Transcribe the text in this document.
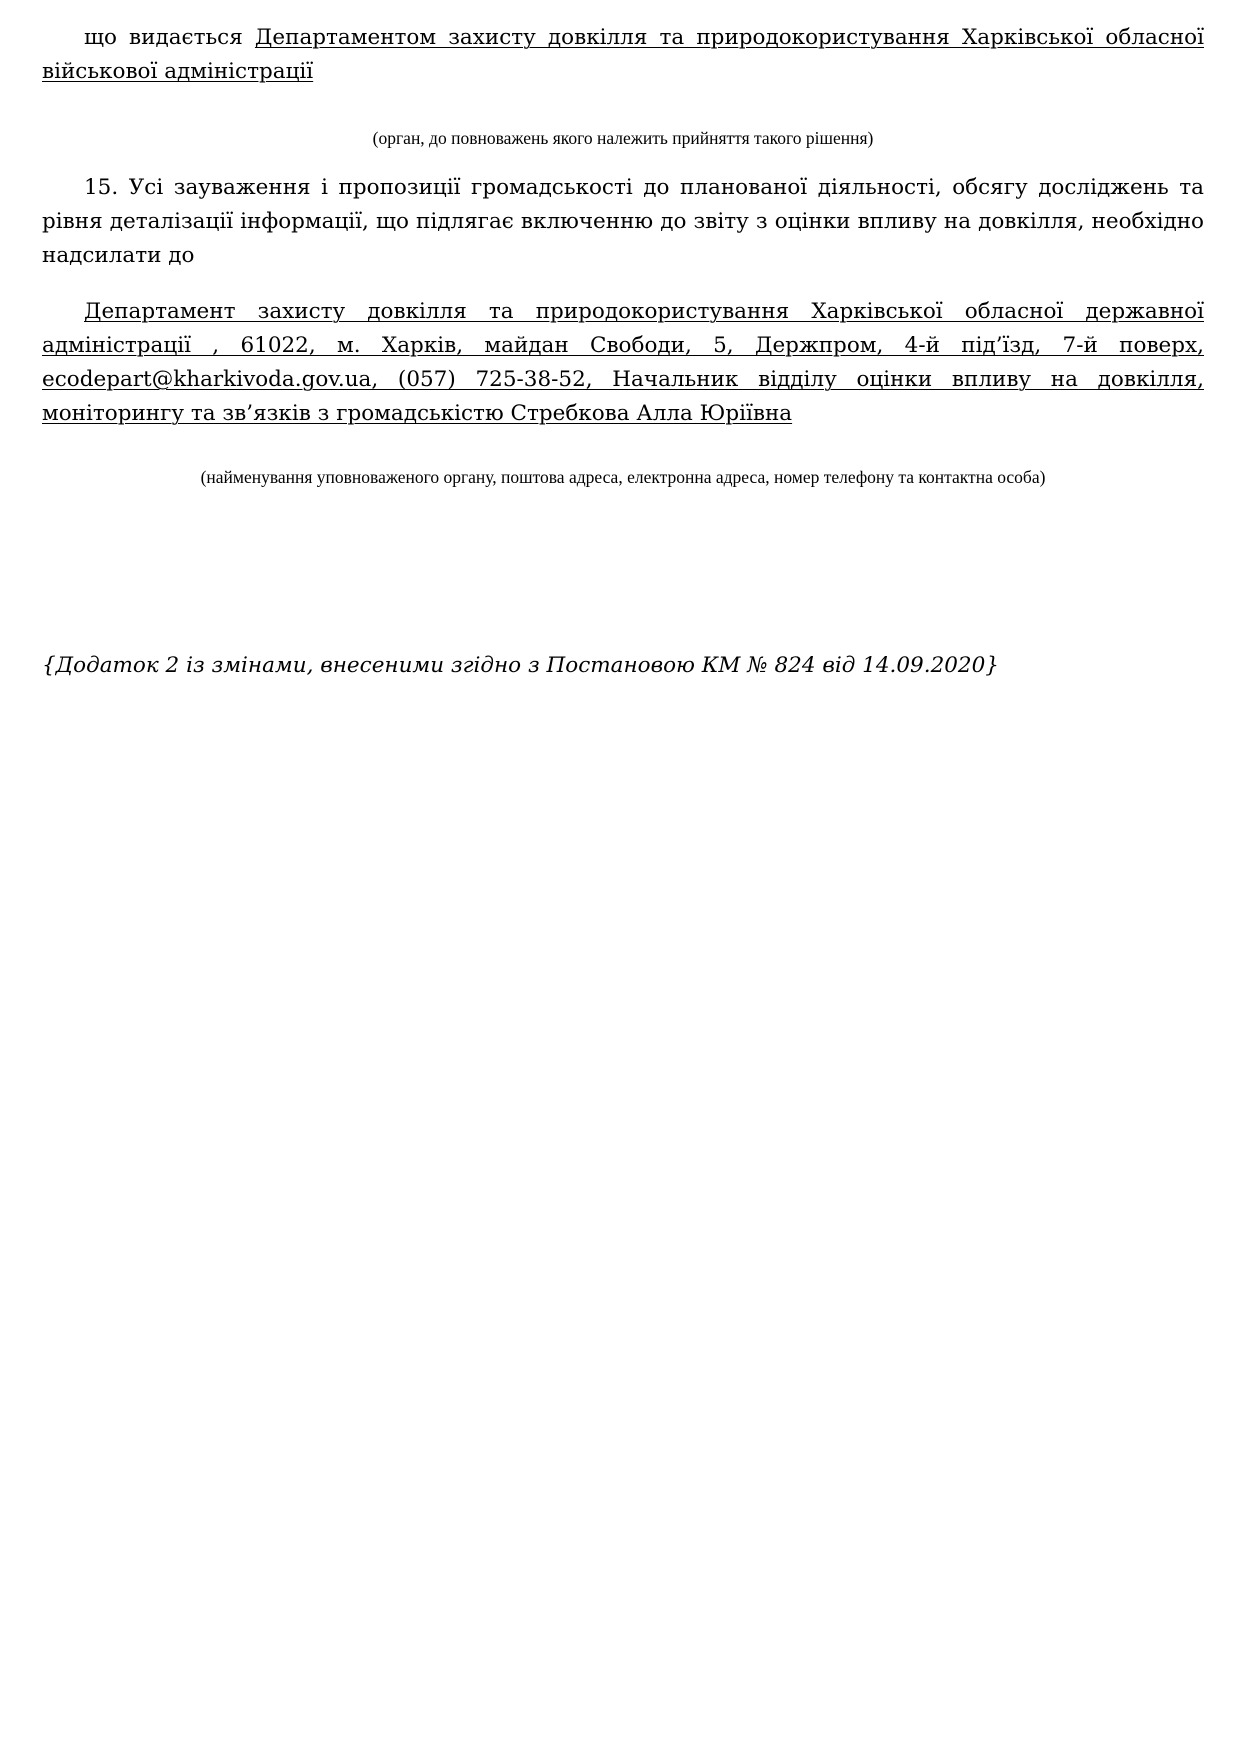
що видається Департаментом захисту довкілля та природокористування Харківської обласної військової адміністрації

(орган, до повноважень якого належить прийняття такого рішення)

15. Усі зауваження і пропозиції громадськості до планованої діяльності, обсягу досліджень та рівня деталізації інформації, що підлягає включенню до звіту з оцінки впливу на довкілля, необхідно надсилати до

Департамент захисту довкілля та природокористування Харківської обласної державної адміністрації , 61022, м. Харків, майдан Свободи, 5, Держпром, 4-й під’їзд, 7-й поверх, ecodepart@kharkivoda.gov.ua, (057) 725-38-52, Начальник відділу оцінки впливу на довкілля, моніторингу та зв’язків з громадськістю Стребкова Алла Юріївна

(найменування уповноваженого органу, поштова адреса, електронна адреса, номер телефону та контактна особа)

{Додаток 2 із змінами, внесеними згідно з Постановою КМ № 824 від 14.09.2020}
